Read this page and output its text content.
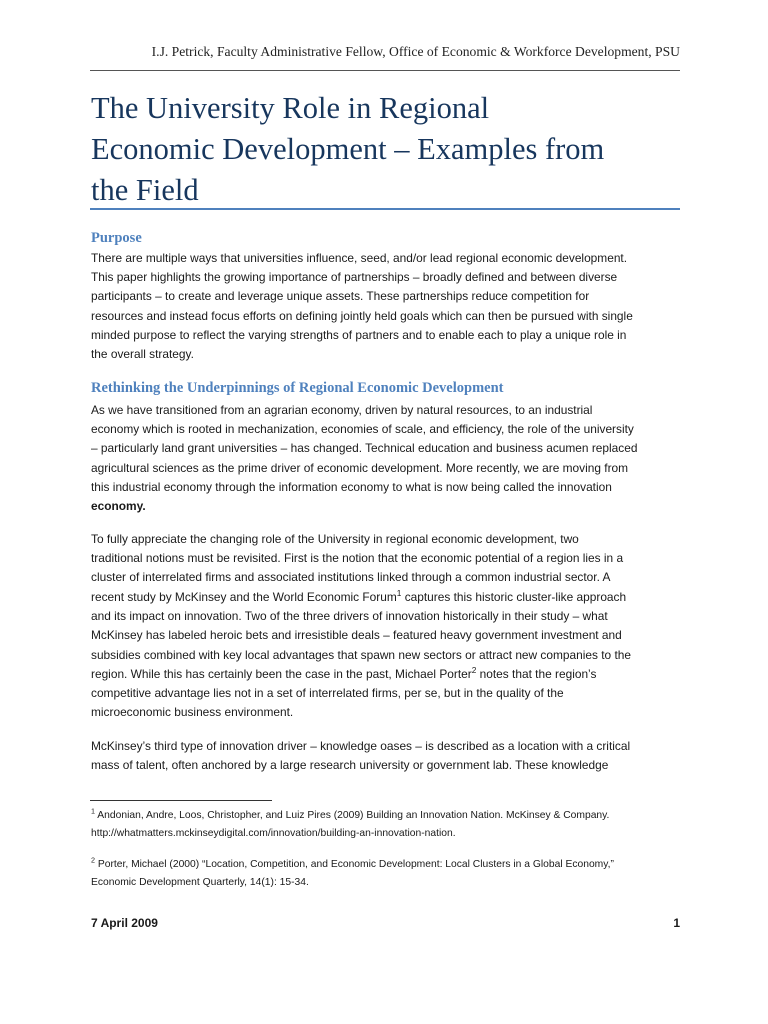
I.J. Petrick, Faculty Administrative Fellow, Office of Economic & Workforce Development, PSU
The University Role in Regional
Economic Development – Examples from
the Field
Purpose
There are multiple ways that universities influence, seed, and/or lead regional economic development.
This paper highlights the growing importance of partnerships – broadly defined and between diverse
participants – to create and leverage unique assets. These partnerships reduce competition for
resources and instead focus efforts on defining jointly held goals which can then be pursued with single
minded purpose to reflect the varying strengths of partners and to enable each to play a unique role in
the overall strategy.
Rethinking the Underpinnings of Regional Economic Development
As we have transitioned from an agrarian economy, driven by natural resources, to an industrial
economy which is rooted in mechanization, economies of scale, and efficiency, the role of the university
– particularly land grant universities – has changed. Technical education and business acumen replaced
agricultural sciences as the prime driver of economic development. More recently, we are moving from
this industrial economy through the information economy to what is now being called the innovation
economy.
To fully appreciate the changing role of the University in regional economic development, two
traditional notions must be revisited. First is the notion that the economic potential of a region lies in a
cluster of interrelated firms and associated institutions linked through a common industrial sector. A
recent study by McKinsey and the World Economic Forum$^1$ captures this historic cluster-like approach
and its impact on innovation. Two of the three drivers of innovation historically in their study – what
McKinsey has labeled heroic bets and irresistible deals – featured heavy government investment and
subsidies combined with key local advantages that spawn new sectors or attract new companies to the
region. While this has certainly been the case in the past, Michael Porter$^2$ notes that the region’s
competitive advantage lies not in a set of interrelated firms, per se, but in the quality of the
microeconomic business environment.
McKinsey’s third type of innovation driver – knowledge oases – is described as a location with a critical
mass of talent, often anchored by a large research university or government lab. These knowledge
$^1$ Andonian, Andre, Loos, Christopher, and Luiz Pires (2009) Building an Innovation Nation. McKinsey & Company.
http://whatmatters.mckinseydigital.com/innovation/building-an-innovation-nation.
$^2$ Porter, Michael (2000) “Location, Competition, and Economic Development: Local Clusters in a Global Economy,”
Economic Development Quarterly, 14(1): 15-34.
7 April 2009	1
